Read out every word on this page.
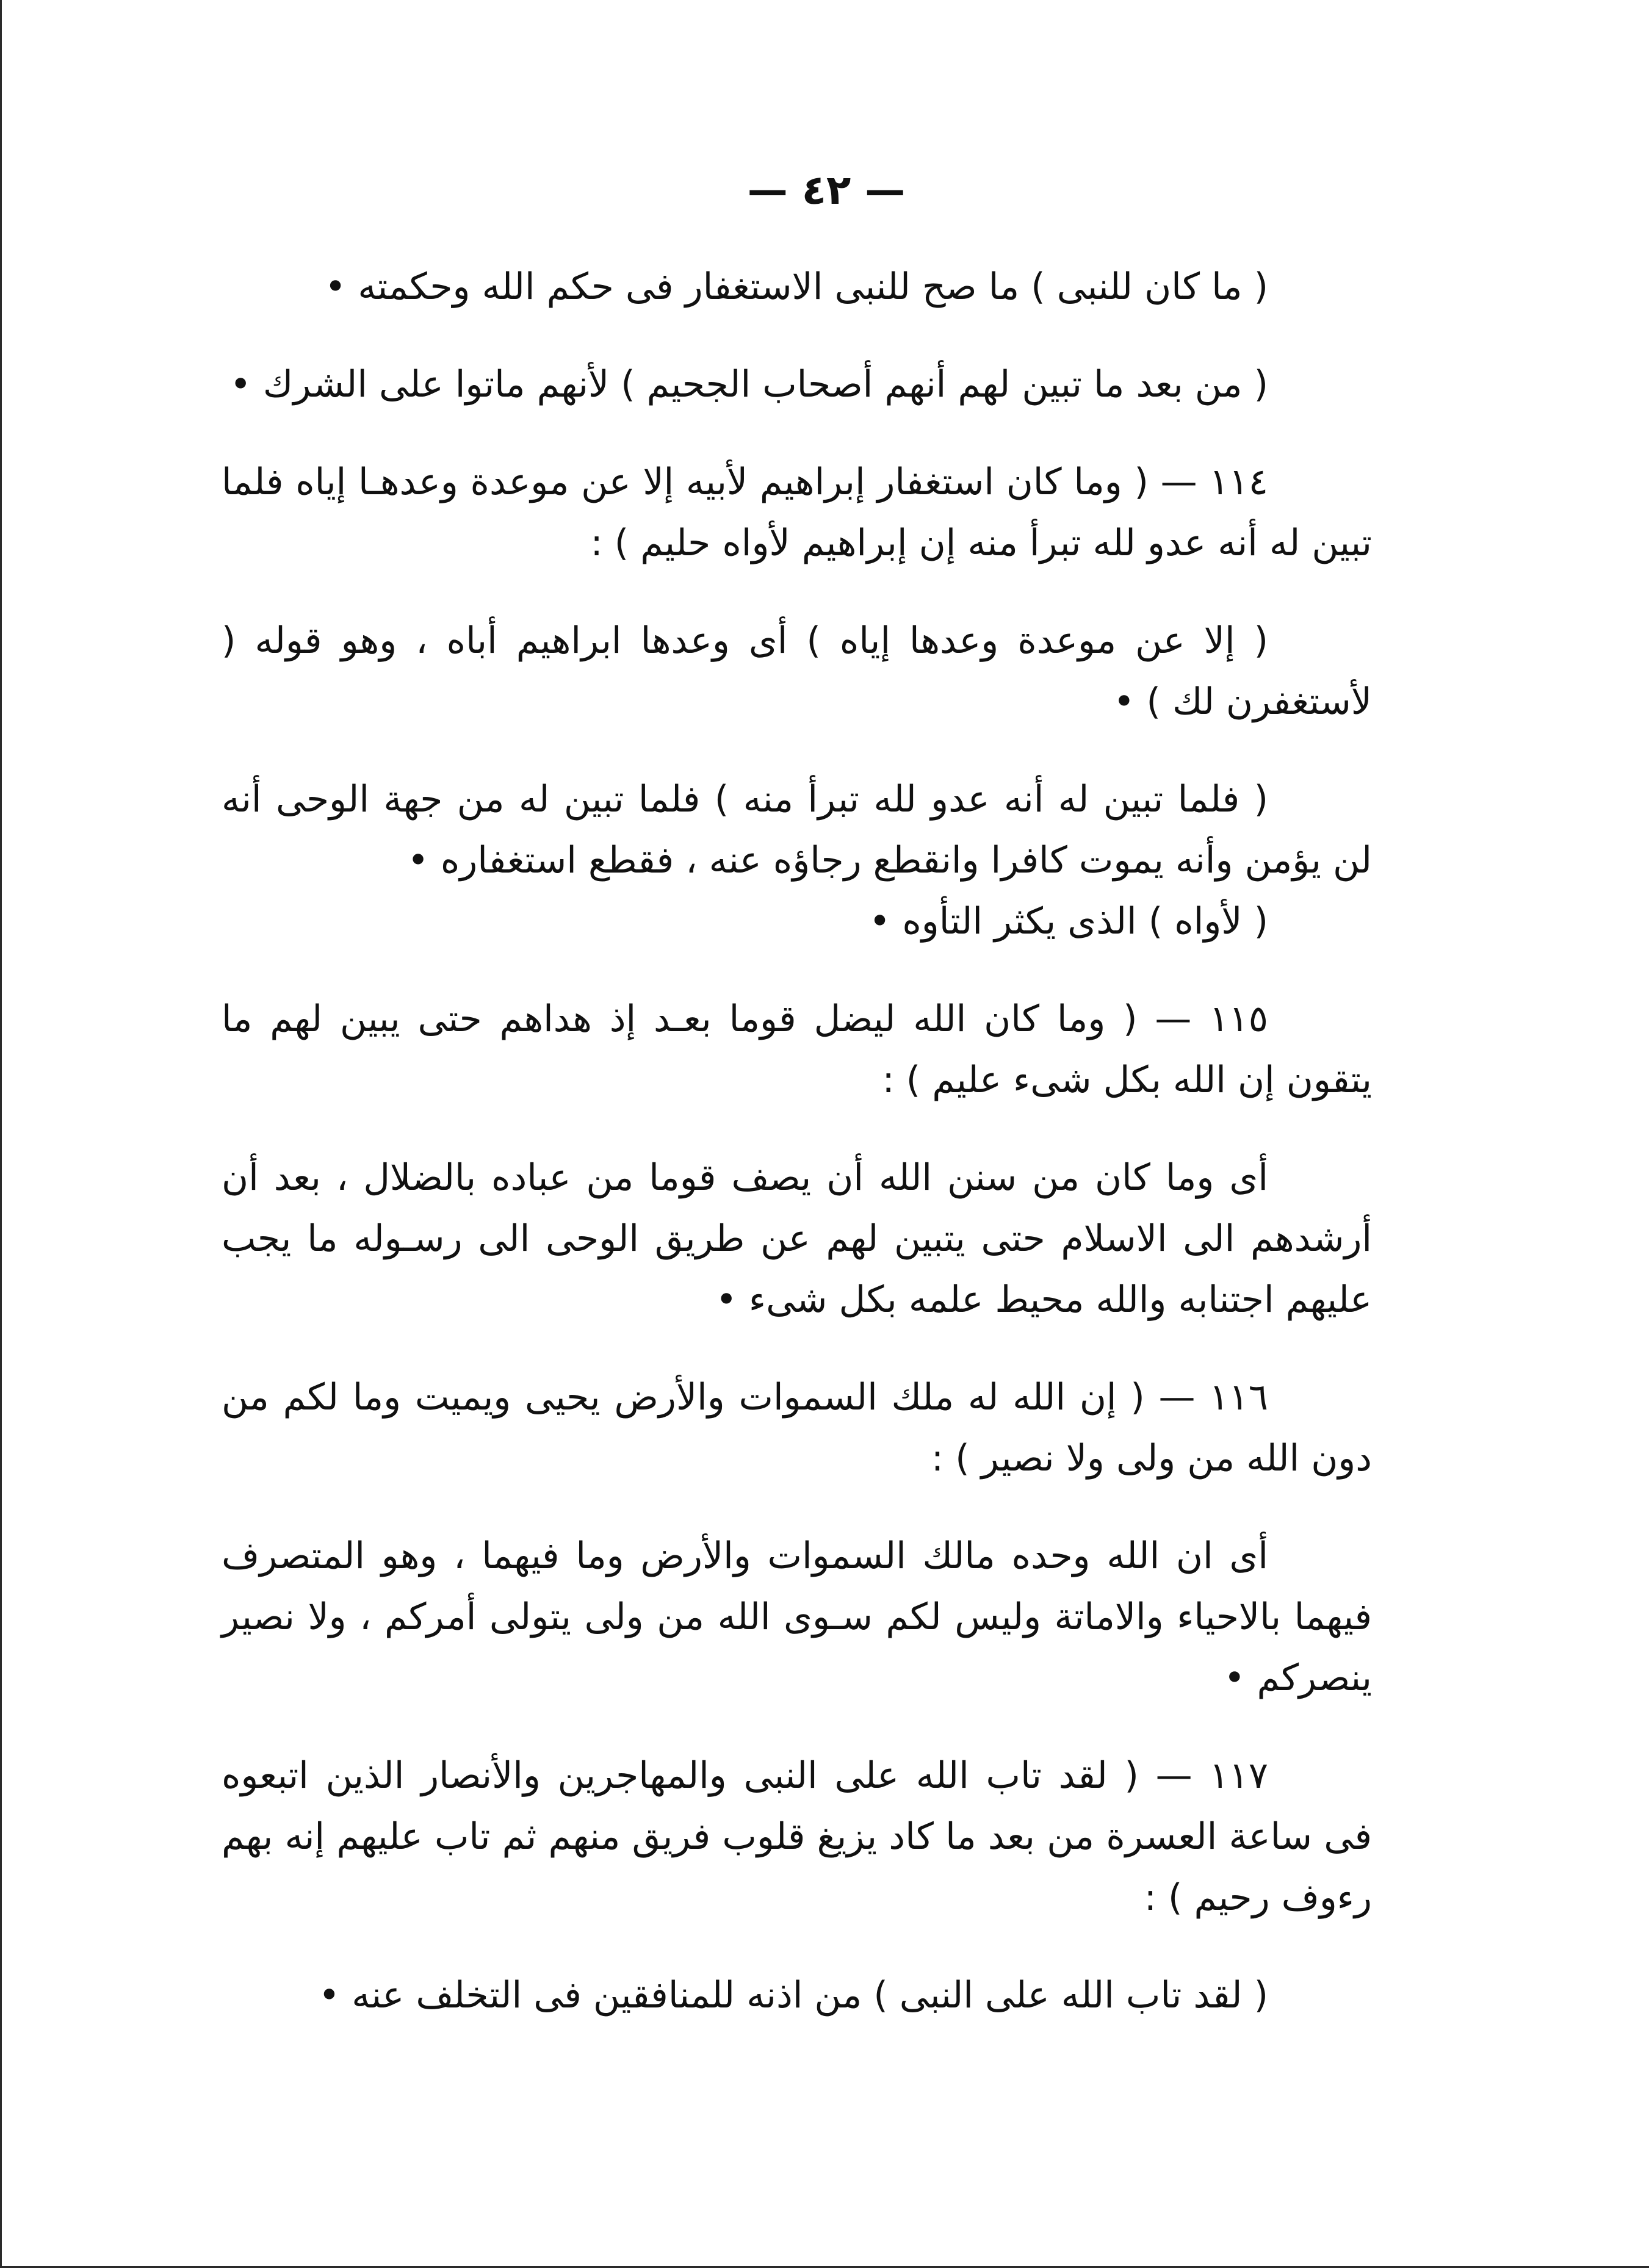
— ٤٢ —

( ما كان للنبى ) ما صح للنبى الاستغفار فى حكم الله وحكمته •

( من بعد ما تبين لهم أنهم أصحاب الجحيم ) لأنهم ماتوا على الشرك •

١١٤ — ( وما كان استغفار إبراهيم لأبيه إلا عن موعدة وعدهـا إياه فلما تبين له أنه عدو لله تبرأ منه إن إبراهيم لأواه حليم ) :

( إلا عن موعدة وعدها إياه ) أى وعدها ابراهيم أباه ، وهو قوله ( لأستغفرن لك ) •

( فلما تبين له أنه عدو لله تبرأ منه ) فلما تبين له من جهة الوحى أنه لن يؤمن وأنه يموت كافرا وانقطع رجاؤه عنه ، فقطع استغفاره •

( لأواه ) الذى يكثر التأوه •

١١٥ — ( وما كان الله ليضل قوما بعـد إذ هداهم حتى يبين لهم ما يتقون إن الله بكل شىء عليم ) :

أى وما كان من سنن الله أن يصف قوما من عباده بالضلال ، بعد أن أرشدهم الى الاسلام حتى يتبين لهم عن طريق الوحى الى رسـوله ما يجب عليهم اجتنابه والله محيط علمه بكل شىء •

١١٦ — ( إن الله له ملك السموات والأرض يحيى ويميت وما لكم من دون الله من ولى ولا نصير ) :

أى ان الله وحده مالك السموات والأرض وما فيهما ، وهو المتصرف فيهما بالاحياء والاماتة وليس لكم سـوى الله من ولى يتولى أمركم ، ولا نصير ينصركم •

١١٧ — ( لقد تاب الله على النبى والمهاجرين والأنصار الذين اتبعوه فى ساعة العسرة من بعد ما كاد يزيغ قلوب فريق منهم ثم تاب عليهم إنه بهم رءوف رحيم ) :

( لقد تاب الله على النبى ) من اذنه للمنافقين فى التخلف عنه •
